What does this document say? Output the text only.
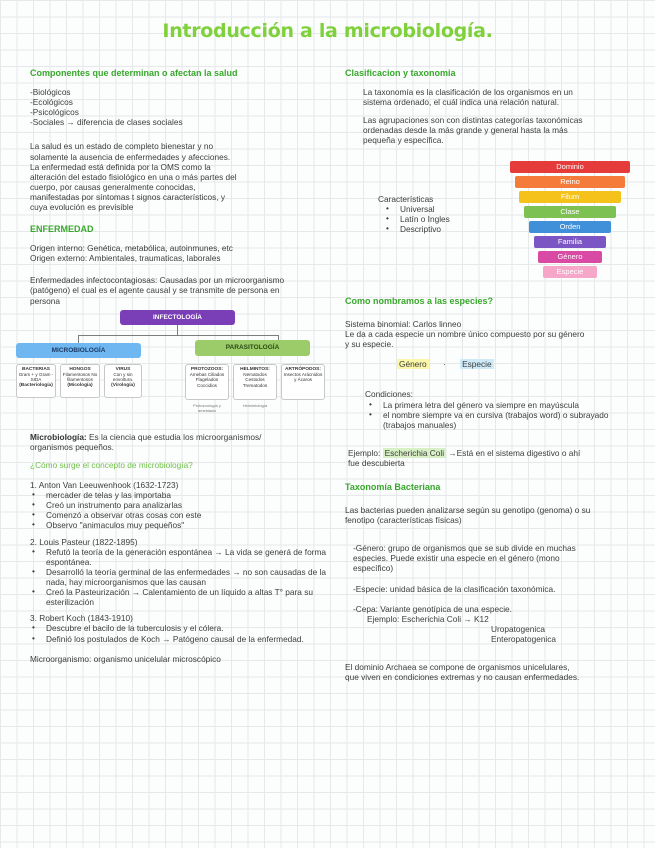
Introducción a la microbiología.
Componentes que determinan o afectan la salud
-Biológicos
-Ecológicos
-Psicológicos
-Sociales → diferencia de clases sociales
La salud es un estado de completo bienestar y no
solamente la ausencia de enfermedades y afecciones.
La enfermedad está definida por la OMS como la
alteración del estado fisiológico en una o más partes del
cuerpo, por causas generalmente conocidas,
manifestadas por síntomas t signos característicos, y
cuya evolución es previsible
ENFERMEDAD
Origen interno: Genética, metabólica, autoinmunes, etc
Origen externo: Ambientales, traumaticas, laborales
Enfermedades infectocontagiosas: Causadas por un microorganismo
(patógeno) el cual es el agente causal y se transmite de persona en
persona
INFECTOLOGÍA
MICROBIOLOGÍA	PARASITOLOGÍA
BACTERIAS
Gram + y Gram - SIDA

(Bacteriología)
HONGOS
Filamentosos No filamentosos

(Micología)
VIRUS
Con y sin envoltura.

(Virología)
PROTOZOOS:
Amebas Ciliados Flagelados Coccidios
HELMINTOS:
Nematodos Cestodos Trematodos
ARTRÓPODOS:
Insectos Arácnidos y Ácaros
Protozoología y amebiasis
Helmintología
Microbiología: Es la ciencia que estudia los microorganismos/
organismos pequeños.
¿Cómo surge el concepto de microbiología?
1. Anton Van Leeuwenhook (1632-1723)
• mercader de telas y las importaba
• Creó un instrumento para analizarlas
• Comenzó a observar otras cosas con este
• Observo "animaculos muy pequeños"
2. Louis Pasteur (1822-1895)
• Refutó la teoría de la generación espontánea → La vida se generá de forma espontánea.
• Desarrolló la teoría germinal de las enfermedades → no son causadas de la nada, hay microorganismos que las causan
• Creó la Pasteurización → Calentamiento de un líquido a altas T° para su esterilización
3. Robert Koch (1843-1910)
• Descubre el bacilo de la tuberculosis y el cólera.
• Definió los postulados de Koch → Patógeno causal de la enfermedad.
Microorganismo: organismo unicelular microscópico
Clasificacion y taxonomia
La taxonomía es la clasificación de los organismos en un
sistema ordenado, el cuál indica una relación natural.
Las agrupaciones son con distintas categorías taxonómicas
ordenadas desde la más grande y general hasta la más
pequeña y específica.
Características
• Universal
• Latín o Ingles
• Descriptivo
Dominio
Reino
Filum
Clase
Orden
Familia
Género
Especie
Como nombramos a las especies?
Sistema binomial: Carlos linneo
Le da a cada especie un nombre único compuesto por su género
y su especie.
Género · Especie
Condiciones:
• La primera letra del género va siempre en mayúscula
• el nombre siempre va en cursiva (trabajos word) o subrayado (trabajos manuales)
Ejemplo: Escherichia Coli →Está en el sistema digestivo o ahí
fue descubierta
Taxonomía Bacteriana
Las bacterias pueden analizarse según su genotipo (genoma) o su
fenotipo (características físicas)
-Género: grupo de organismos que se sub divide en muchas
especies. Puede existir una especie en el género (mono
específico)
-Especie: unidad básica de la clasificación taxonómica.
-Cepa: Variante genotípica de una especie.
Ejemplo: Escherichia Coli → K12
Uropatogenica
Enteropatogenica
El dominio Archaea se compone de organismos unicelulares,
que viven en condiciones extremas y no causan enfermedades.
